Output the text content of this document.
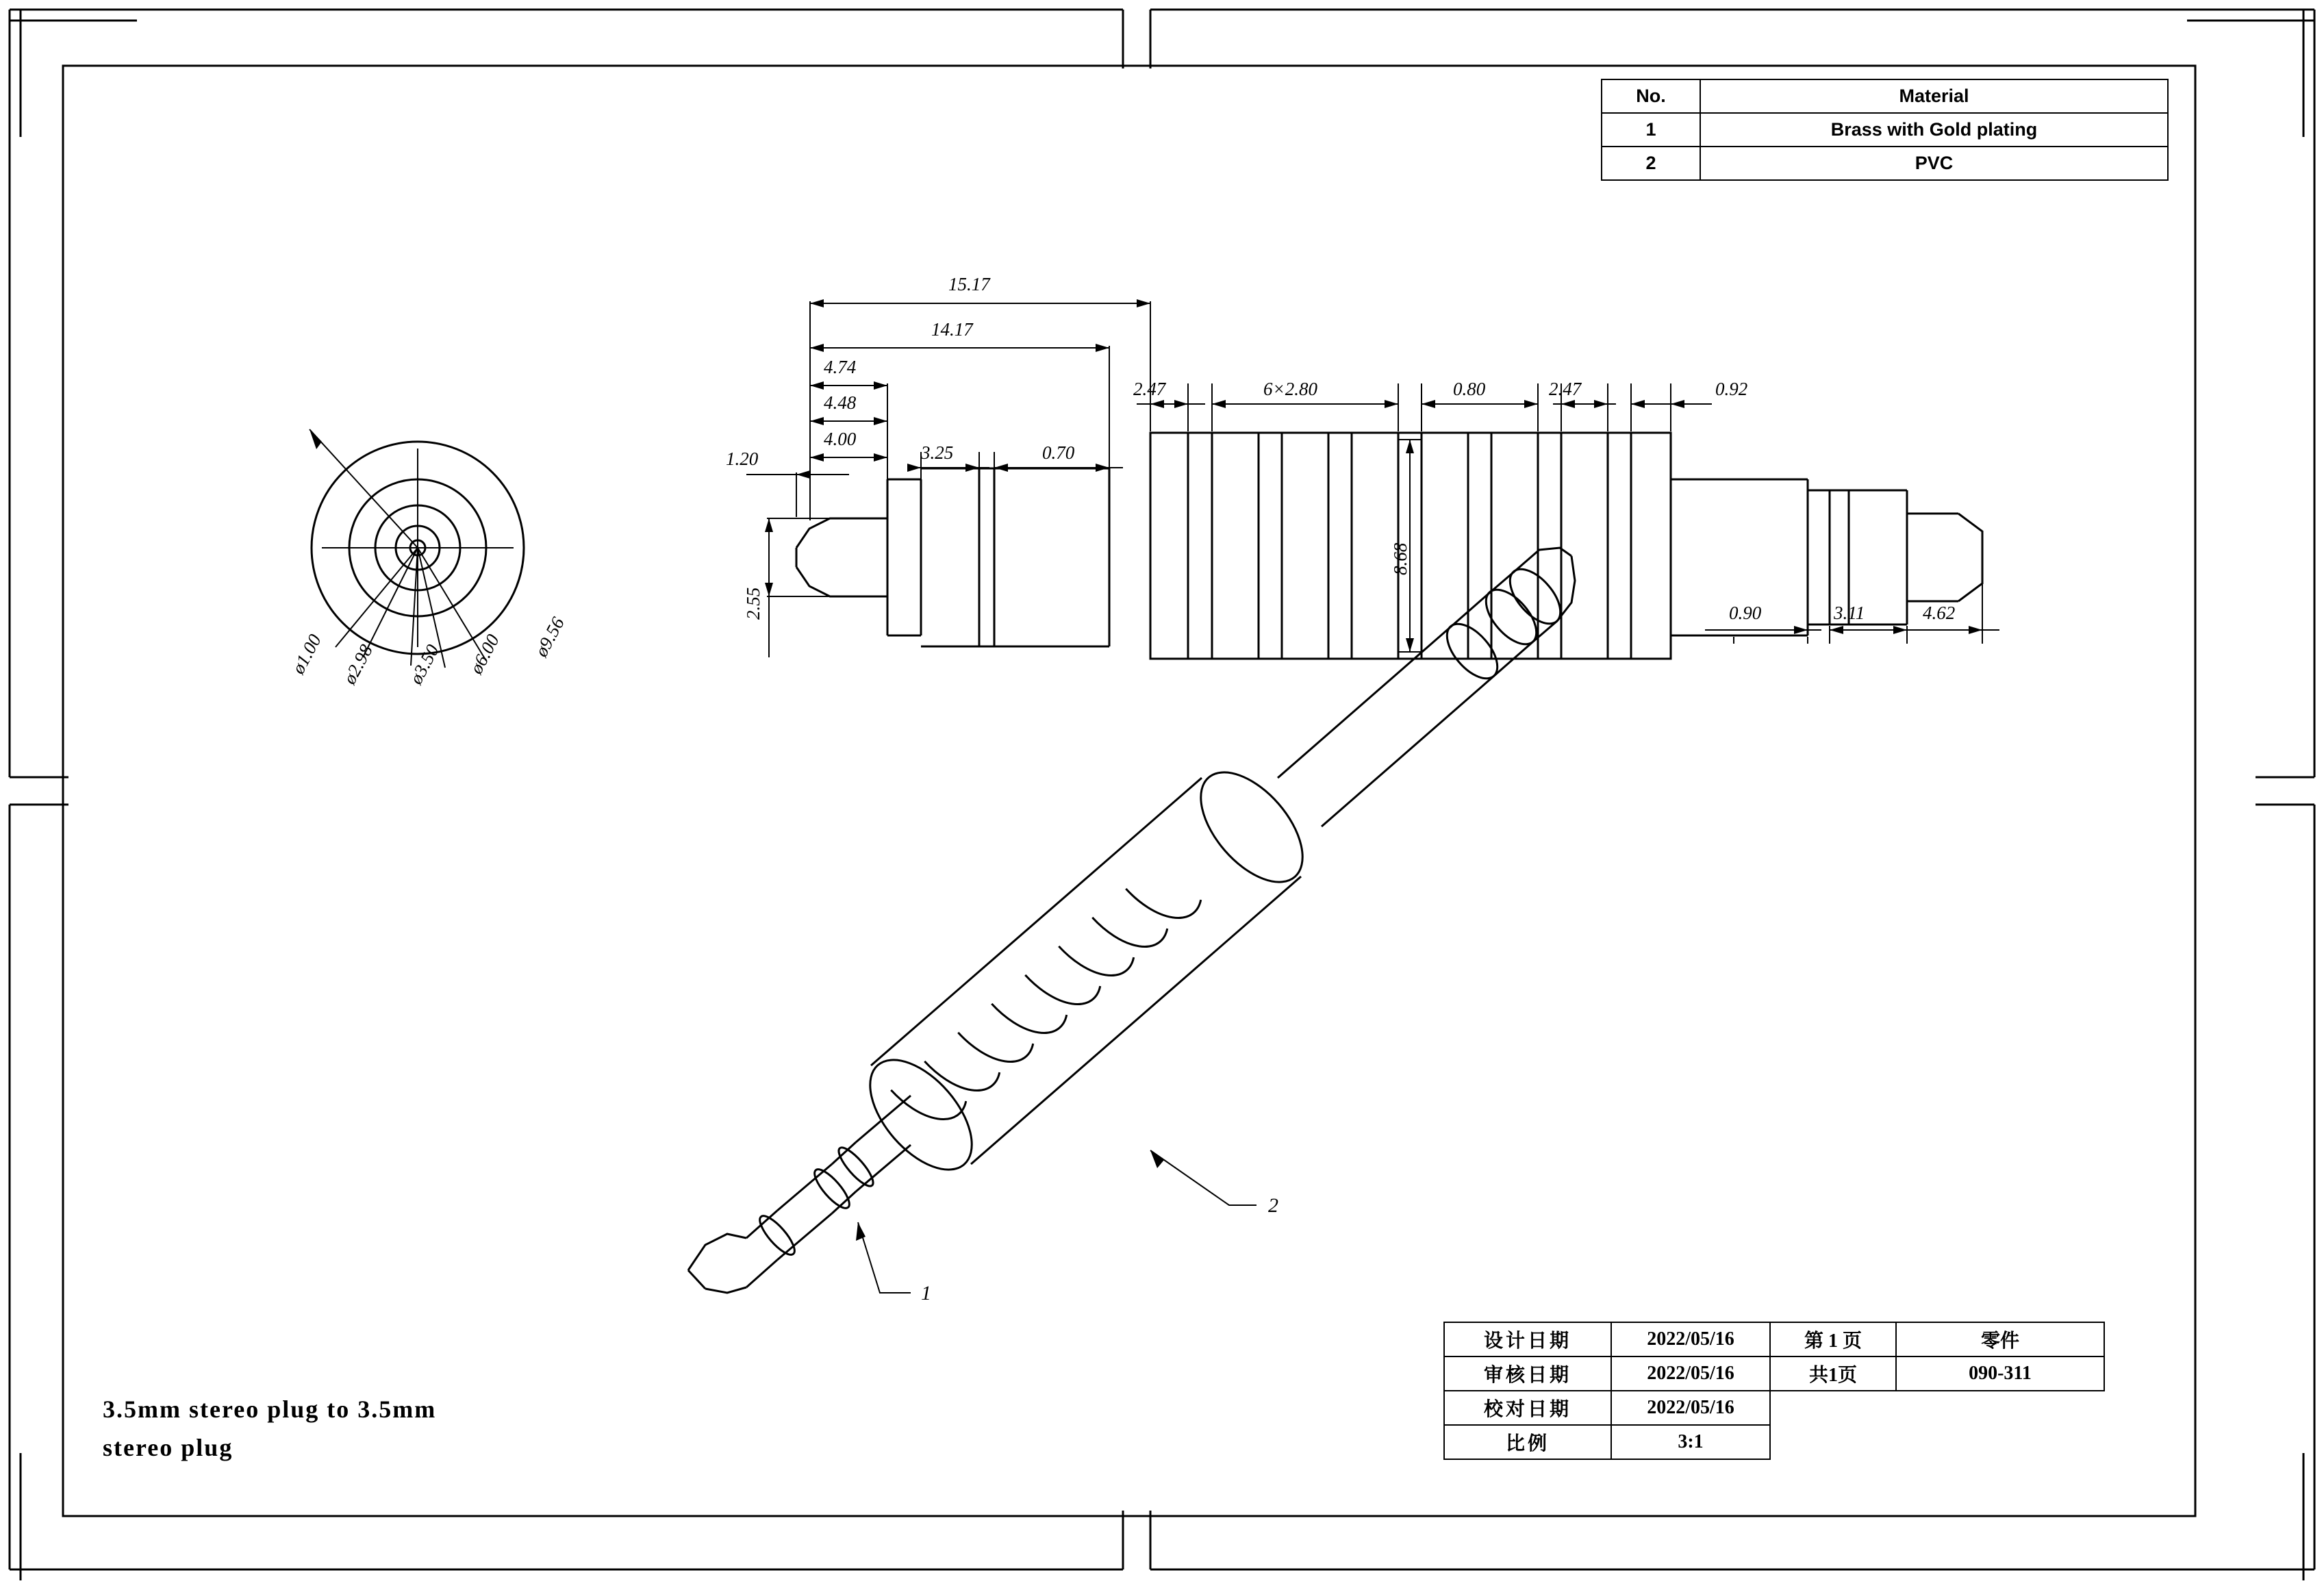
No.	Material
1	Brass with Gold plating
2	PVC
ø1.00 ø2.98 ø3.50 ø6.00 ø9.56
15.17
14.17
4.74
4.48
4.00
1.20	3.25	0.70
2.47	6×2.80	0.80	2.47	0.92
2.55
8.68
0.90	3.11	4.62
1
2
3.5mm stereo plug to 3.5mm
stereo plug
设计日期	2022/05/16	第 1 页	零件
审核日期	2022/05/16	共1页	090-311
校对日期	2022/05/16		
比例	3:1		
